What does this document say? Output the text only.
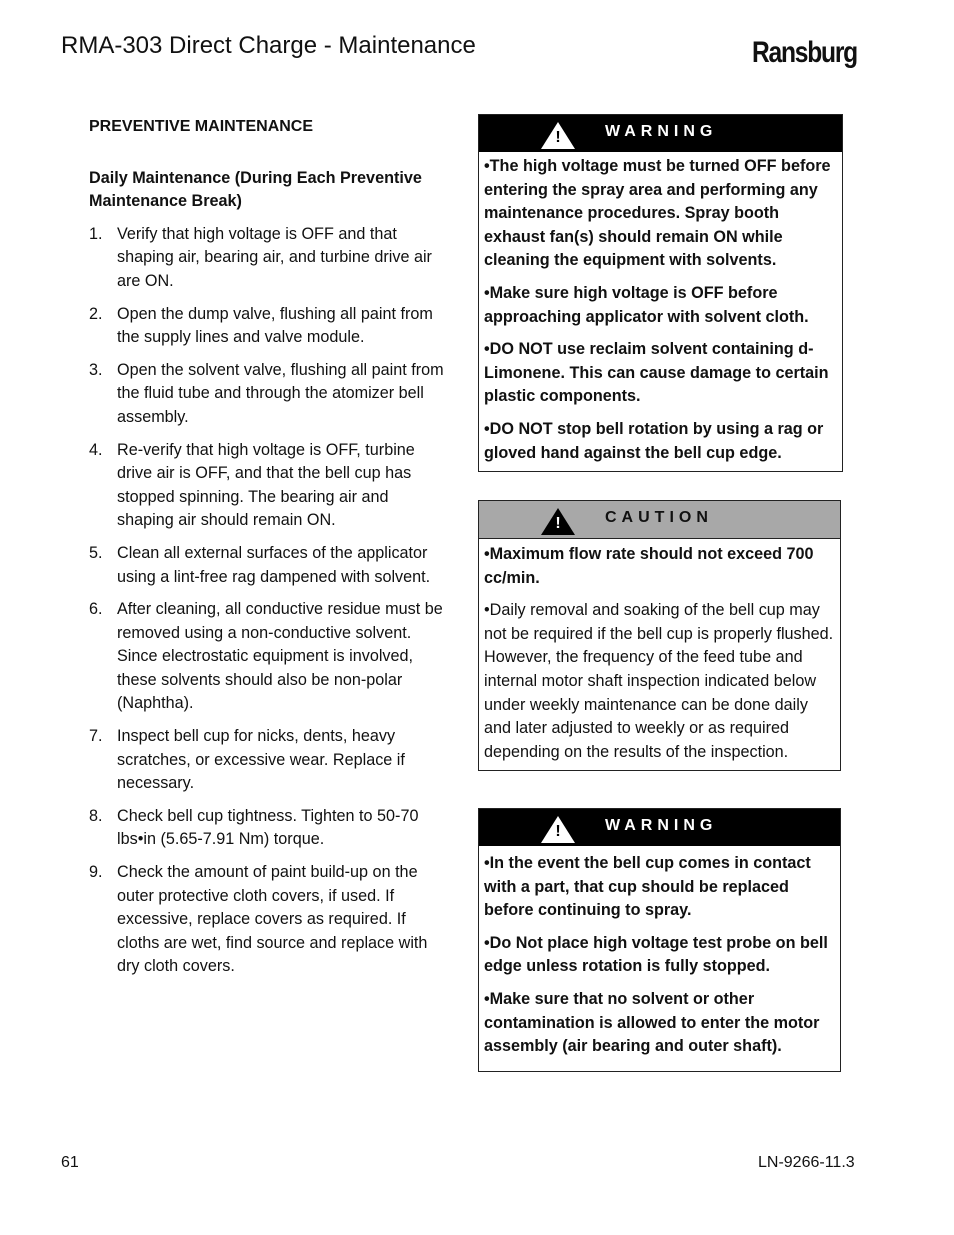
RMA-303 Direct Charge - Maintenance	Ransburg
PREVENTIVE MAINTENANCE
Daily Maintenance (During Each Preventive Maintenance Break)
1. Verify that high voltage is OFF and that shaping air, bearing air, and turbine drive air are ON.
2. Open the dump valve, flushing all paint from the supply lines and valve module.
3. Open the solvent valve, flushing all paint from the fluid tube and through the atomizer bell assembly.
4. Re-verify that high voltage is OFF, turbine drive air is OFF, and that the bell cup has stopped spinning. The bearing air and shaping air should remain ON.
5. Clean all external surfaces of the applicator using a lint-free rag dampened with solvent.
6. After cleaning, all conductive residue must be removed using a non-conductive solvent. Since electrostatic equipment is involved, these solvents should also be non-polar (Naphtha).
7. Inspect bell cup for nicks, dents, heavy scratches, or excessive wear. Replace if necessary.
8. Check bell cup tightness. Tighten to 50-70 lbs•in (5.65-7.91 Nm) torque.
9. Check the amount of paint build-up on the outer protective cloth covers, if used. If excessive, replace covers as required. If cloths are wet, find source and replace with dry cloth covers.
!	WARNING

•The high voltage must be turned OFF before entering the spray area and performing any maintenance procedures. Spray booth exhaust fan(s) should remain ON while cleaning the equipment with solvents.

•Make sure high voltage is OFF before approaching applicator with solvent cloth.

•DO NOT use reclaim solvent containing d-Limonene. This can cause damage to certain plastic components.

•DO NOT stop bell rotation by using a rag or gloved hand against the bell cup edge.

!	CAUTION

•Maximum flow rate should not exceed 700 cc/min.

•Daily removal and soaking of the bell cup may not be required if the bell cup is properly flushed. However, the frequency of the feed tube and internal motor shaft inspection indicated below under weekly maintenance can be done daily and later adjusted to weekly or as required depending on the results of the inspection.

!	WARNING

•In the event the bell cup comes in contact with a part, that cup should be replaced before continuing to spray.

•Do Not place high voltage test probe on bell edge unless rotation is fully stopped.

•Make sure that no solvent or other contamination is allowed to enter the motor assembly (air bearing and outer shaft).

61	LN-9266-11.3
